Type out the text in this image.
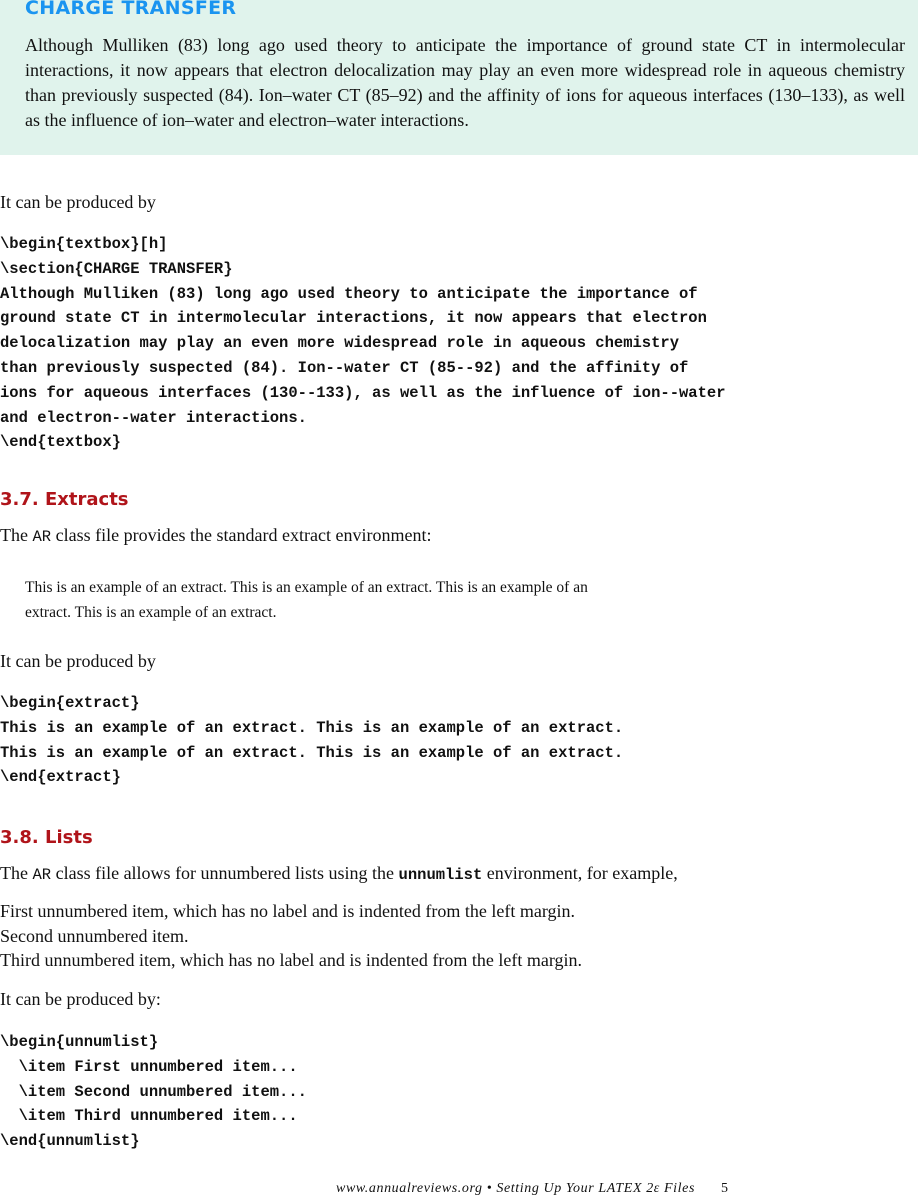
CHARGE TRANSFER
Although Mulliken (83) long ago used theory to anticipate the importance of ground state CT in intermolecular interactions, it now appears that electron delocalization may play an even more widespread role in aqueous chemistry than previously suspected (84). Ion–water CT (85–92) and the affinity of ions for aqueous interfaces (130–133), as well as the influence of ion–water and electron–water interactions.
It can be produced by
\begin{textbox}[h]
\section{CHARGE TRANSFER}
Although Mulliken (83) long ago used theory to anticipate the importance of
ground state CT in intermolecular interactions, it now appears that electron
delocalization may play an even more widespread role in aqueous chemistry
than previously suspected (84). Ion--water CT (85--92) and the affinity of
ions for aqueous interfaces (130--133), as well as the influence of ion--water
and electron--water interactions.
\end{textbox}
3.7. Extracts
The AR class file provides the standard extract environment:
This is an example of an extract. This is an example of an extract. This is an example of an
extract. This is an example of an extract.
It can be produced by
\begin{extract}
This is an example of an extract. This is an example of an extract.
This is an example of an extract. This is an example of an extract.
\end{extract}
3.8. Lists
The AR class file allows for unnumbered lists using the unnumlist environment, for example,
First unnumbered item, which has no label and is indented from the left margin.
Second unnumbered item.
Third unnumbered item, which has no label and is indented from the left margin.
It can be produced by:
\begin{unnumlist}
\item First unnumbered item...
\item Second unnumbered item...
\item Third unnumbered item...
\end{unnumlist}
www.annualreviews.org • Setting Up Your LATEX 2ε Files 5
